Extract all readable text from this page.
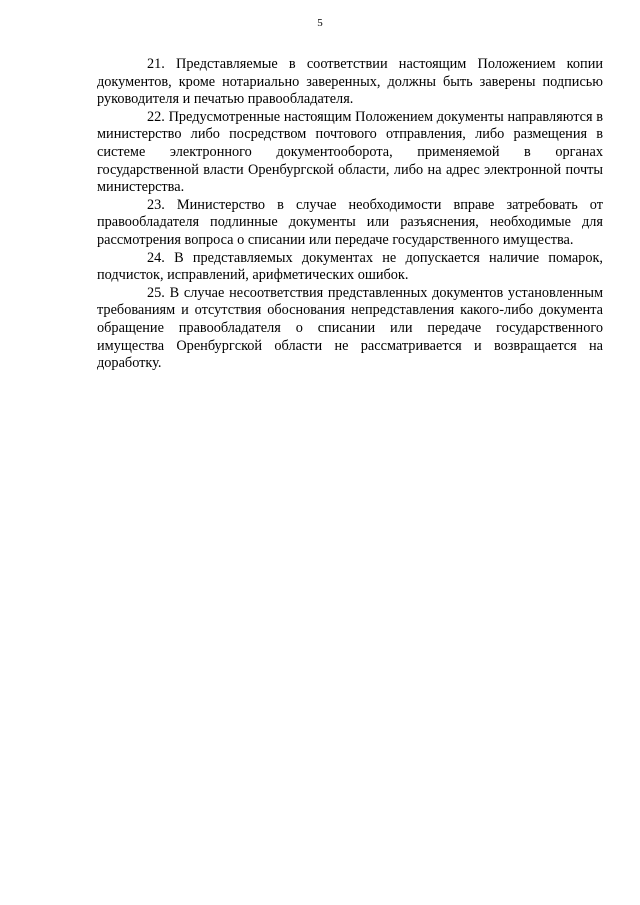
5

21. Представляемые в соответствии настоящим Положением копии документов, кроме нотариально заверенных, должны быть заверены подписью руководителя и печатью правообладателя.

22. Предусмотренные настоящим Положением документы направляются в министерство либо посредством почтового отправления, либо размещения в системе электронного документооборота, применяемой в органах государственной власти Оренбургской области, либо на адрес электронной почты министерства.

23. Министерство в случае необходимости вправе затребовать от правообладателя подлинные документы или разъяснения, необходимые для рассмотрения вопроса о списании или передаче государственного имущества.

24. В представляемых документах не допускается наличие помарок, подчисток, исправлений, арифметических ошибок.

25. В случае несоответствия представленных документов установленным требованиям и отсутствия обоснования непредставления какого-либо документа обращение правообладателя о списании или передаче государственного имущества Оренбургской области не рассматривается и возвращается на доработку.
